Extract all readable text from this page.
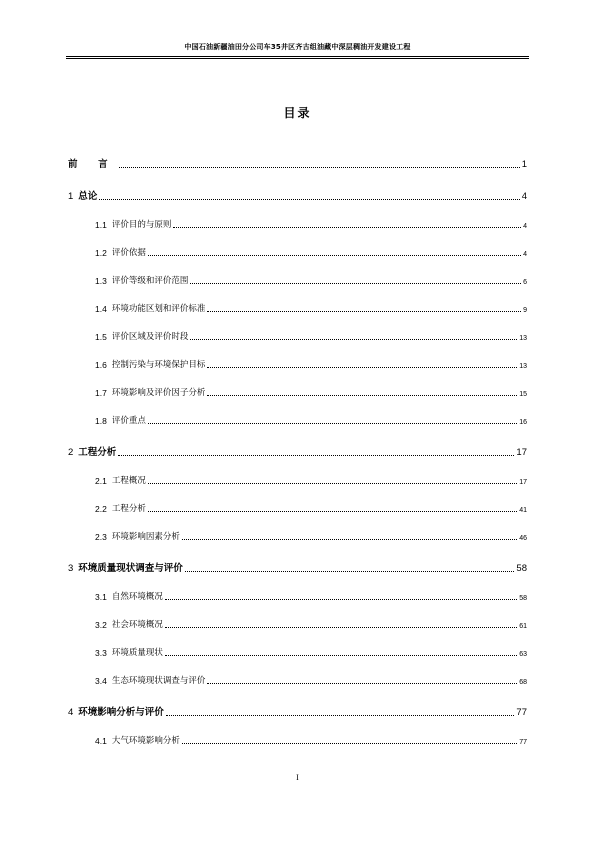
中国石油新疆油田分公司车35井区齐古组油藏中深层稠油开发建设工程
目录
前 言	1
1 总论	4
1.1 评价目的与原则	4
1.2 评价依据	4
1.3 评价等级和评价范围	6
1.4 环境功能区划和评价标准	9
1.5 评价区域及评价时段	13
1.6 控制污染与环境保护目标	13
1.7 环境影响及评价因子分析	15
1.8 评价重点	16
2 工程分析	17
2.1 工程概况	17
2.2 工程分析	41
2.3 环境影响因素分析	46
3 环境质量现状调查与评价	58
3.1 自然环境概况	58
3.2 社会环境概况	61
3.3 环境质量现状	63
3.4 生态环境现状调查与评价	68
4 环境影响分析与评价	77
4.1 大气环境影响分析	77
I
